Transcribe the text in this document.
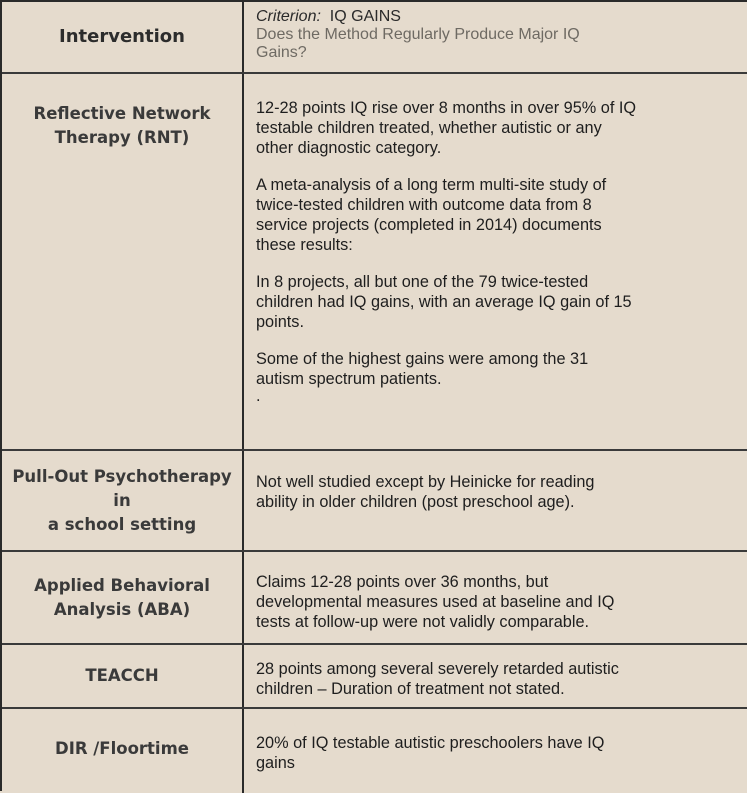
Intervention

Criterion: IQ GAINS

Does the Method Regularly Produce Major IQ

Gains?

Reflective Network
Therapy (RNT)

12-28 points IQ rise over 8 months in over 95% of IQ

testable children treated, whether autistic or any

other diagnostic category.

A meta-analysis of a long term multi-site study of

twice-tested children with outcome data from 8

service projects (completed in 2014) documents

these results:

In 8 projects, all but one of the 79 twice-tested

children had IQ gains, with an average IQ gain of 15

points.

Some of the highest gains were among the 31

autism spectrum patients.

.

Pull-Out Psychotherapy
in
a school setting

Not well studied except by Heinicke for reading

ability in older children (post preschool age).

Applied Behavioral
Analysis (ABA)

Claims 12-28 points over 36 months, but

developmental measures used at baseline and IQ

tests at follow-up were not validly comparable.

TEACCH	28 points among several severely retarded autistic

children – Duration of treatment not stated.

DIR /Floortime	20% of IQ testable autistic preschoolers have IQ

gains
